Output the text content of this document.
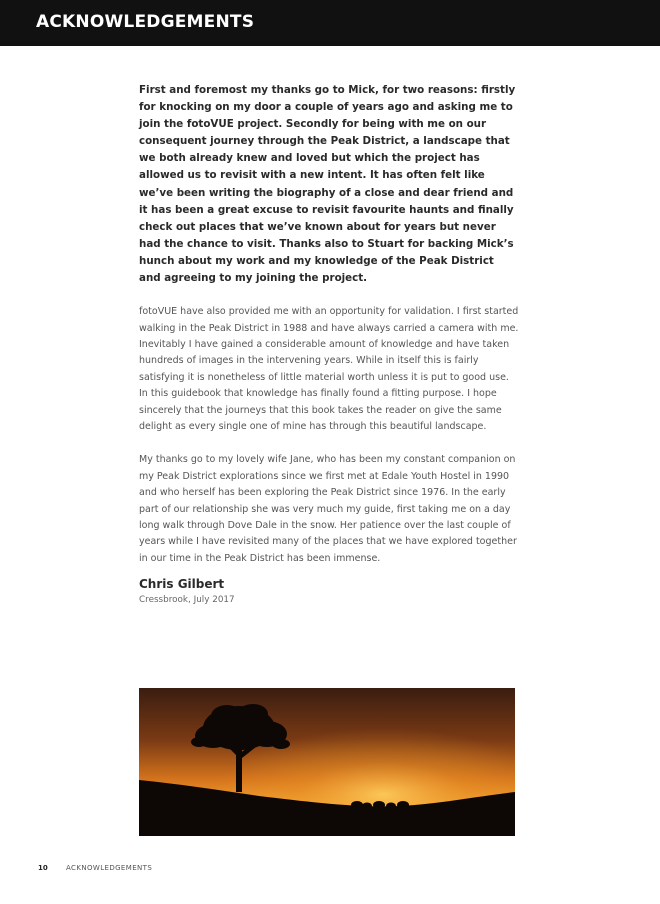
ACKNOWLEDGEMENTS

First and foremost my thanks go to Mick, for two reasons: firstly for knocking on my door a couple of years ago and asking me to join the fotoVUE project. Secondly for being with me on our consequent journey through the Peak District, a landscape that we both already knew and loved but which the project has allowed us to revisit with a new intent. It has often felt like we’ve been writing the biography of a close and dear friend and it has been a great excuse to revisit favourite haunts and finally check out places that we’ve known about for years but never had the chance to visit. Thanks also to Stuart for backing Mick’s hunch about my work and my knowledge of the Peak District and agreeing to my joining the project.

fotoVUE have also provided me with an opportunity for validation. I first started walking in the Peak District in 1988 and have always carried a camera with me. Inevitably I have gained a considerable amount of knowledge and have taken hundreds of images in the intervening years. While in itself this is fairly satisfying it is nonetheless of little material worth unless it is put to good use. In this guidebook that knowledge has finally found a fitting purpose. I hope sincerely that the journeys that this book takes the reader on give the same delight as every single one of mine has through this beautiful landscape.

My thanks go to my lovely wife Jane, who has been my constant companion on my Peak District explorations since we first met at Edale Youth Hostel in 1990 and who herself has been exploring the Peak District since 1976. In the early part of our relationship she was very much my guide, first taking me on a day long walk through Dove Dale in the snow. Her patience over the last couple of years while I have revisited many of the places that we have explored together in our time in the Peak District has been immense.

Chris Gilbert

Cressbrook, July 2017

10	ACKNOWLEDGEMENTS
